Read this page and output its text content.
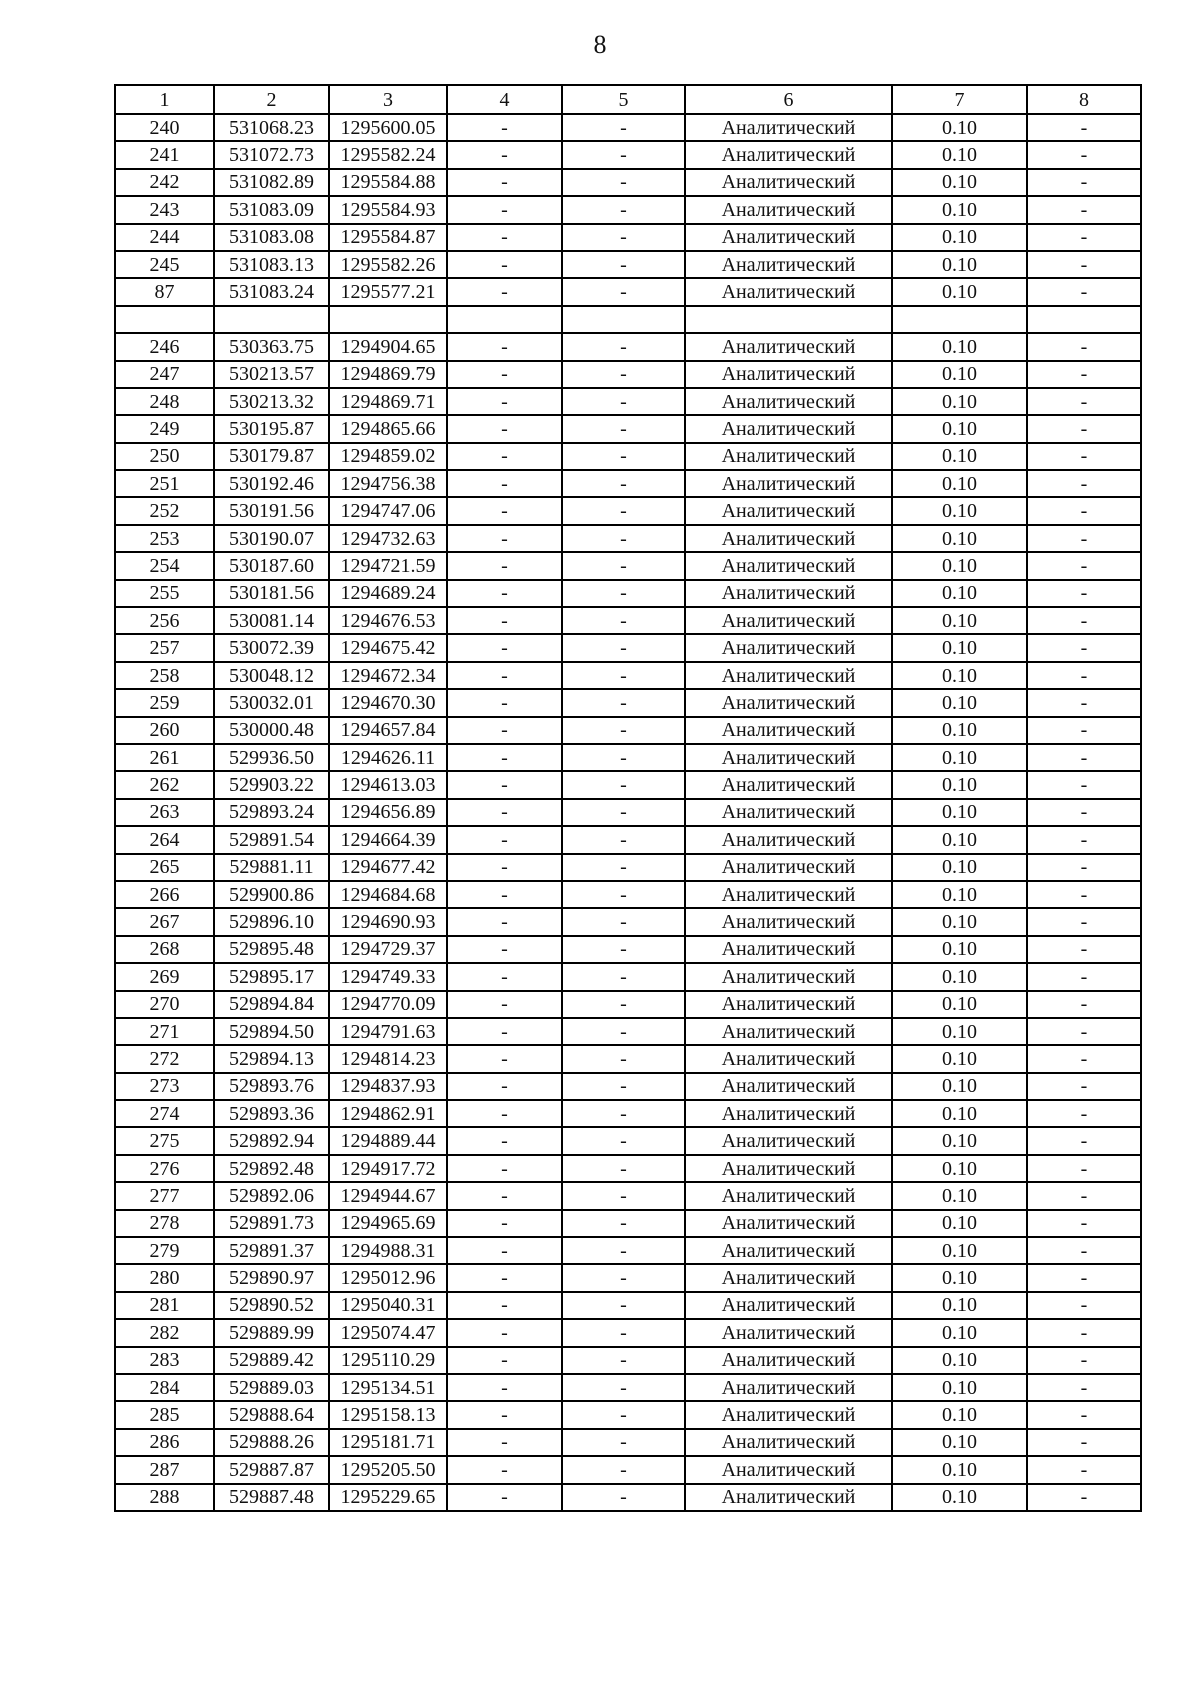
8
1	2	3	4	5	6	7	8
240	531068.23	1295600.05	-	-	Аналитический	0.10	-
241	531072.73	1295582.24	-	-	Аналитический	0.10	-
242	531082.89	1295584.88	-	-	Аналитический	0.10	-
243	531083.09	1295584.93	-	-	Аналитический	0.10	-
244	531083.08	1295584.87	-	-	Аналитический	0.10	-
245	531083.13	1295582.26	-	-	Аналитический	0.10	-
87	531083.24	1295577.21	-	-	Аналитический	0.10	-

246	530363.75	1294904.65	-	-	Аналитический	0.10	-
247	530213.57	1294869.79	-	-	Аналитический	0.10	-
248	530213.32	1294869.71	-	-	Аналитический	0.10	-
249	530195.87	1294865.66	-	-	Аналитический	0.10	-
250	530179.87	1294859.02	-	-	Аналитический	0.10	-
251	530192.46	1294756.38	-	-	Аналитический	0.10	-
252	530191.56	1294747.06	-	-	Аналитический	0.10	-
253	530190.07	1294732.63	-	-	Аналитический	0.10	-
254	530187.60	1294721.59	-	-	Аналитический	0.10	-
255	530181.56	1294689.24	-	-	Аналитический	0.10	-
256	530081.14	1294676.53	-	-	Аналитический	0.10	-
257	530072.39	1294675.42	-	-	Аналитический	0.10	-
258	530048.12	1294672.34	-	-	Аналитический	0.10	-
259	530032.01	1294670.30	-	-	Аналитический	0.10	-
260	530000.48	1294657.84	-	-	Аналитический	0.10	-
261	529936.50	1294626.11	-	-	Аналитический	0.10	-
262	529903.22	1294613.03	-	-	Аналитический	0.10	-
263	529893.24	1294656.89	-	-	Аналитический	0.10	-
264	529891.54	1294664.39	-	-	Аналитический	0.10	-
265	529881.11	1294677.42	-	-	Аналитический	0.10	-
266	529900.86	1294684.68	-	-	Аналитический	0.10	-
267	529896.10	1294690.93	-	-	Аналитический	0.10	-
268	529895.48	1294729.37	-	-	Аналитический	0.10	-
269	529895.17	1294749.33	-	-	Аналитический	0.10	-
270	529894.84	1294770.09	-	-	Аналитический	0.10	-
271	529894.50	1294791.63	-	-	Аналитический	0.10	-
272	529894.13	1294814.23	-	-	Аналитический	0.10	-
273	529893.76	1294837.93	-	-	Аналитический	0.10	-
274	529893.36	1294862.91	-	-	Аналитический	0.10	-
275	529892.94	1294889.44	-	-	Аналитический	0.10	-
276	529892.48	1294917.72	-	-	Аналитический	0.10	-
277	529892.06	1294944.67	-	-	Аналитический	0.10	-
278	529891.73	1294965.69	-	-	Аналитический	0.10	-
279	529891.37	1294988.31	-	-	Аналитический	0.10	-
280	529890.97	1295012.96	-	-	Аналитический	0.10	-
281	529890.52	1295040.31	-	-	Аналитический	0.10	-
282	529889.99	1295074.47	-	-	Аналитический	0.10	-
283	529889.42	1295110.29	-	-	Аналитический	0.10	-
284	529889.03	1295134.51	-	-	Аналитический	0.10	-
285	529888.64	1295158.13	-	-	Аналитический	0.10	-
286	529888.26	1295181.71	-	-	Аналитический	0.10	-
287	529887.87	1295205.50	-	-	Аналитический	0.10	-
288	529887.48	1295229.65	-	-	Аналитический	0.10	-
